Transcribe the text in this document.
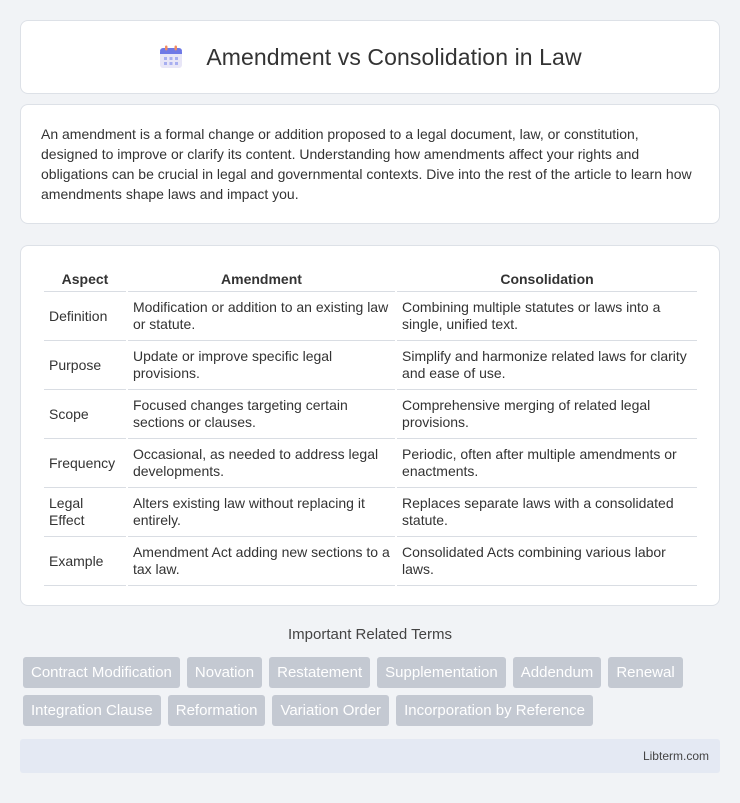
Amendment vs Consolidation in Law

An amendment is a formal change or addition proposed to a legal document, law, or constitution, designed to improve or clarify its content. Understanding how amendments affect your rights and obligations can be crucial in legal and governmental contexts. Dive into the rest of the article to learn how amendments shape laws and impact you.

Aspect	Amendment	Consolidation
Definition	Modification or addition to an existing law or statute.	Combining multiple statutes or laws into a single, unified text.
Purpose	Update or improve specific legal provisions.	Simplify and harmonize related laws for clarity and ease of use.
Scope	Focused changes targeting certain sections or clauses.	Comprehensive merging of related legal provisions.
Frequency	Occasional, as needed to address legal developments.	Periodic, often after multiple amendments or enactments.
Legal Effect	Alters existing law without replacing it entirely.	Replaces separate laws with a consolidated statute.
Example	Amendment Act adding new sections to a tax law.	Consolidated Acts combining various labor laws.
Important Related Terms
Contract Modification	Novation	Restatement	Supplementation	Addendum	Renewal
Integration Clause	Reformation	Variation Order	Incorporation by Reference
Libterm.com
